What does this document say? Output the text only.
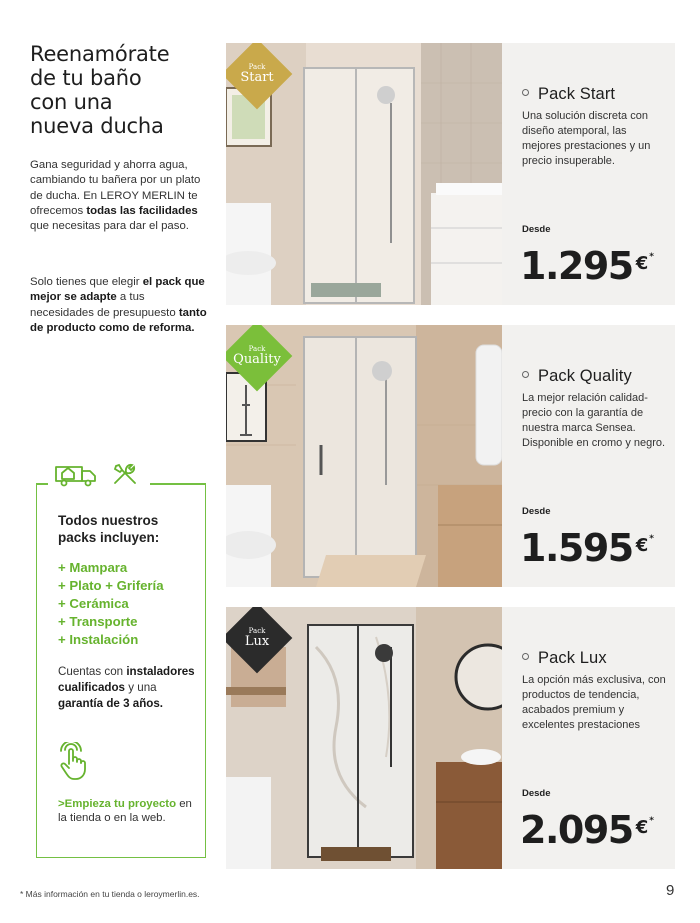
Reenamórate
de tu baño
con una
nueva ducha
Gana seguridad y ahorra agua, cambiando tu bañera por un plato de ducha. En LEROY MERLIN te ofrecemos todas las facilidades que necesitas para dar el paso.
Solo tienes que elegir el pack que mejor se adapte a tus necesidades de presupuesto tanto de producto como de reforma.
Todos nuestros packs incluyen:
+ Mampara
+ Plato + Grifería
+ Cerámica
+ Transporte
+ Instalación
Cuentas con instaladores cualificados y una garantía de 3 años.
>Empieza tu proyecto en la tienda o en la web.
Pack
Start
Pack Start
Una solución discreta con diseño atemporal, las mejores prestaciones y un precio insuperable.
Desde
1.295 €*
Pack
Quality
Pack Quality
La mejor relación calidad-precio con la garantía de nuestra marca Sensea. Disponible en cromo y negro.
Desde
1.595 €*
Pack
Lux
Pack Lux
La opción más exclusiva, con productos de tendencia, acabados premium y excelentes prestaciones
Desde
2.095 €*
* Más información en tu tienda o leroymerlin.es.	9
